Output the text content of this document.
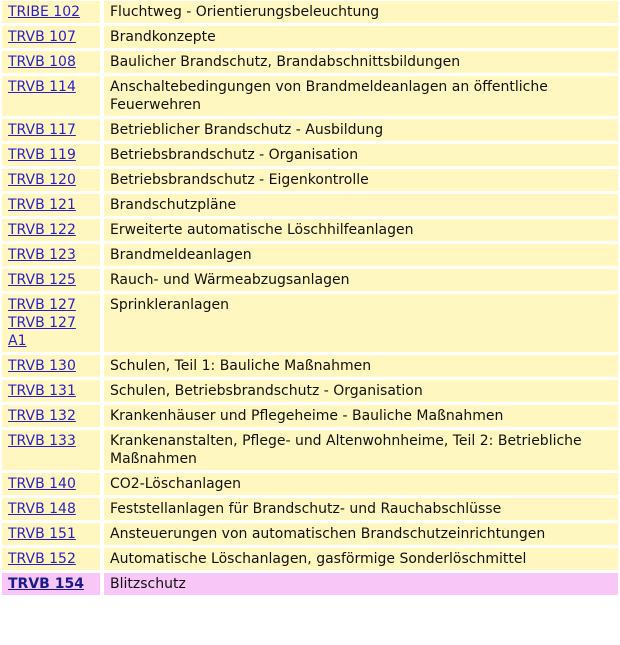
TRIBE 102	Fluchtweg - Orientierungsbeleuchtung

TRVB 107	Brandkonzepte

TRVB 108	Baulicher Brandschutz, Brandabschnittsbildungen

TRVB 114	Anschaltebedingungen von Brandmeldeanlagen an öffentliche Feuerwehren

TRVB 117	Betrieblicher Brandschutz - Ausbildung

TRVB 119	Betriebsbrandschutz - Organisation

TRVB 120	Betriebsbrandschutz - Eigenkontrolle

TRVB 121	Brandschutzpläne

TRVB 122	Erweiterte automatische Löschhilfeanlagen

TRVB 123	Brandmeldeanlagen

TRVB 125	Rauch- und Wärmeabzugsanlagen

TRVB 127
TRVB 127
A1	Sprinkleranlagen

TRVB 130	Schulen, Teil 1: Bauliche Maßnahmen

TRVB 131	Schulen, Betriebsbrandschutz - Organisation

TRVB 132	Krankenhäuser und Pflegeheime - Bauliche Maßnahmen

TRVB 133	Krankenanstalten, Pflege- und Altenwohnheime, Teil 2: Betriebliche Maßnahmen

TRVB 140	CO2-Löschanlagen

TRVB 148	Feststellanlagen für Brandschutz- und Rauchabschlüsse

TRVB 151	Ansteuerungen von automatischen Brandschutzeinrichtungen

TRVB 152	Automatische Löschanlagen, gasförmige Sonderlöschmittel

TRVB 154	Blitzschutz
